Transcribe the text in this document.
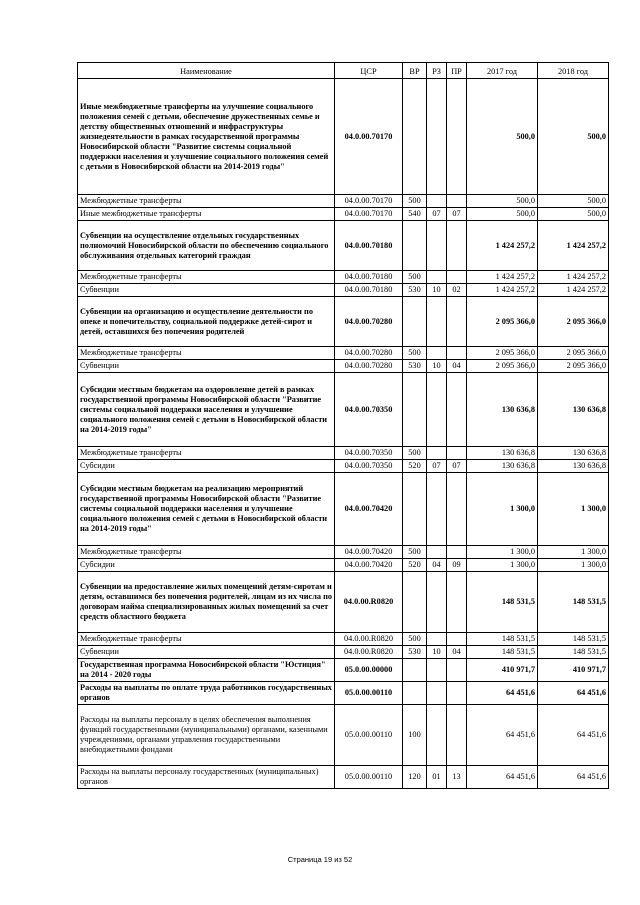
Наименование	ЦСР	ВР	РЗ	ПР	2017 год	2018 год
Иные межбюджетные трансферты на улучшение социального положения семей с детьми, обеспечение дружественных семье и детству общественных отношений и инфраструктуры жизнедеятельности в рамках государственной программы Новосибирской области "Развитие системы социальной поддержки населения и улучшение социального положения семей с детьми в Новосибирской области на 2014-2019 годы"	04.0.00.70170				500,0	500,0
Межбюджетные трансферты	04.0.00.70170	500			500,0	500,0
Иные межбюджетные трансферты	04.0.00.70170	540	07	07	500,0	500,0
Субвенции на осуществление отдельных государственных полномочий Новосибирской области по обеспечению социального обслуживания отдельных категорий граждан	04.0.00.70180				1 424 257,2	1 424 257,2
Межбюджетные трансферты	04.0.00.70180	500			1 424 257,2	1 424 257,2
Субвенции	04.0.00.70180	530	10	02	1 424 257,2	1 424 257,2
Субвенции на организацию и осуществление деятельности по опеке и попечительству, социальной поддержке детей-сирот и детей, оставшихся без попечения родителей	04.0.00.70280				2 095 366,0	2 095 366,0
Межбюджетные трансферты	04.0.00.70280	500			2 095 366,0	2 095 366,0
Субвенции	04.0.00.70280	530	10	04	2 095 366,0	2 095 366,0
Субсидии местным бюджетам на оздоровление детей в рамках государственной программы Новосибирской области "Развитие системы социальной поддержки населения и улучшение социального положения семей с детьми в Новосибирской области на 2014-2019 годы"	04.0.00.70350				130 636,8	130 636,8
Межбюджетные трансферты	04.0.00.70350	500			130 636,8	130 636,8
Субсидии	04.0.00.70350	520	07	07	130 636,8	130 636,8
Субсидии местным бюджетам на реализацию мероприятий государственной программы Новосибирской области "Развитие системы социальной поддержки населения и улучшение социального положения семей с детьми в Новосибирской области на 2014-2019 годы"	04.0.00.70420				1 300,0	1 300,0
Межбюджетные трансферты	04.0.00.70420	500			1 300,0	1 300,0
Субсидии	04.0.00.70420	520	04	09	1 300,0	1 300,0
Субвенции на предоставление жилых помещений детям-сиротам и детям, оставшимся без попечения родителей, лицам из их числа по договорам найма специализированных жилых помещений за счет средств областного бюджета	04.0.00.R0820				148 531,5	148 531,5
Межбюджетные трансферты	04.0.00.R0820	500			148 531,5	148 531,5
Субвенции	04.0.00.R0820	530	10	04	148 531,5	148 531,5
Государственная программа Новосибирской области "Юстиция" на 2014 - 2020 годы	05.0.00.00000				410 971,7	410 971,7
Расходы на выплаты по оплате труда работников государственных органов	05.0.00.00110				64 451,6	64 451,6
Расходы на выплаты персоналу в целях обеспечения выполнения функций государственными (муниципальными) органами, казенными учреждениями, органами управления государственными внебюджетными фондами	05.0.00.00110	100			64 451,6	64 451,6
Расходы на выплаты персоналу государственных (муниципальных) органов	05.0.00.00110	120	01	13	64 451,6	64 451,6
Страница 19 из 52
